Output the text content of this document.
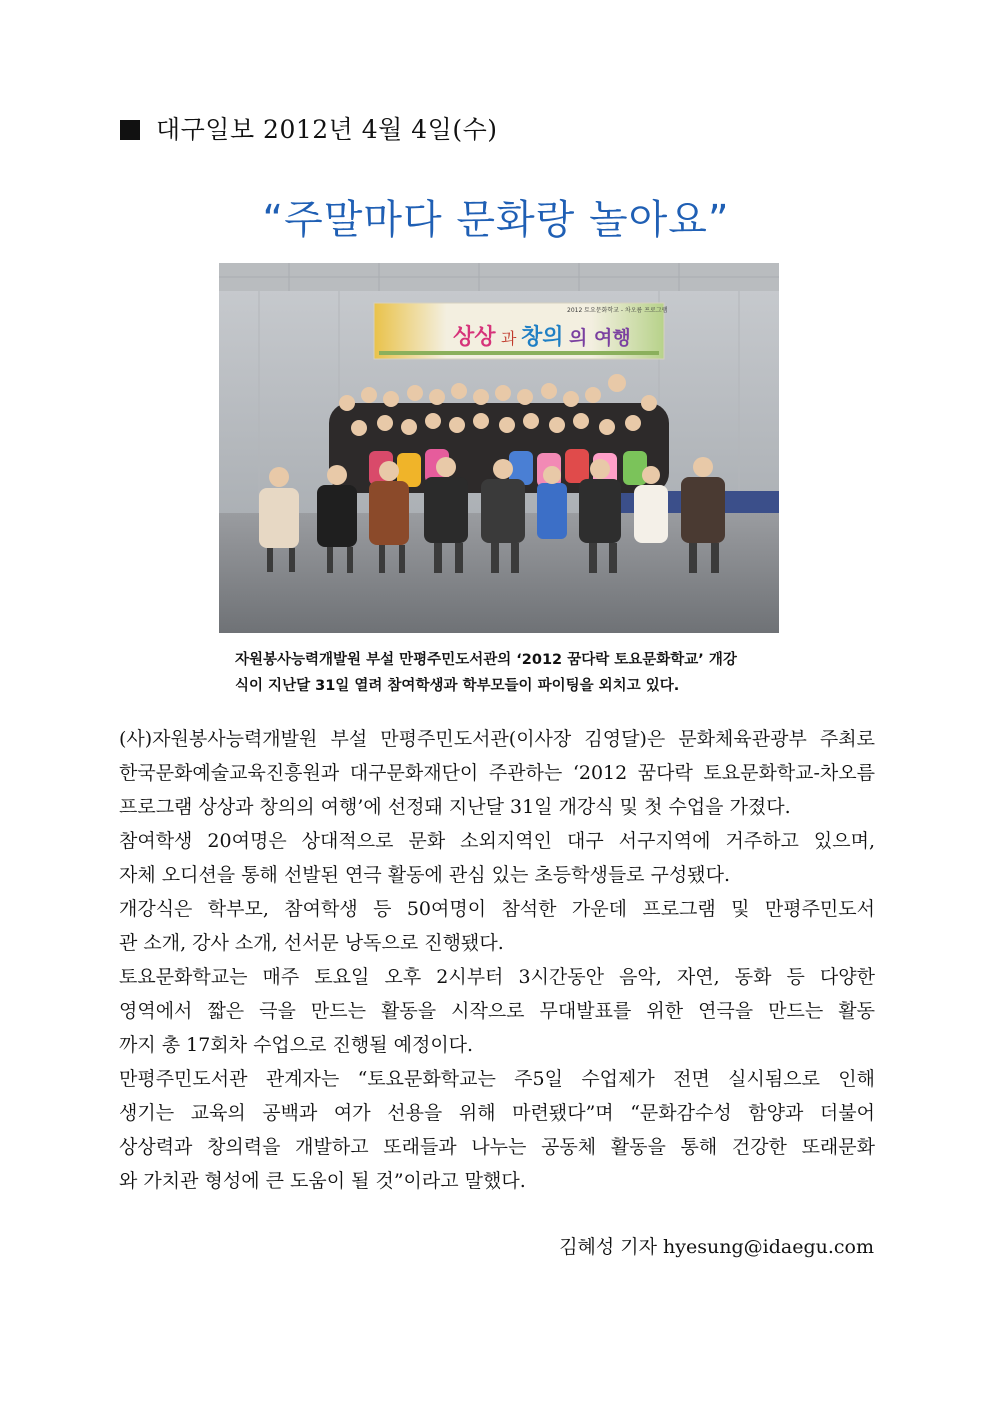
대구일보 2012년 4월 4일(수)
“주말마다 문화랑 놀아요”
2012 토요문화학교 - 차오름 프로그램
상상 과 창의 의 여행
자원봉사능력개발원 부설 만평주민도서관의 ‘2012 꿈다락 토요문화학교’ 개강
식이 지난달 31일 열려 참여학생과 학부모들이 파이팅을 외치고 있다.
(사)자원봉사능력개발원 부설 만평주민도서관(이사장 김영달)은 문화체육관광부 주최로
한국문화예술교육진흥원과 대구문화재단이 주관하는 ‘2012 꿈다락 토요문화학교-차오름
프로그램 상상과 창의의 여행’에 선정돼 지난달 31일 개강식 및 첫 수업을 가졌다.
참여학생 20여명은 상대적으로 문화 소외지역인 대구 서구지역에 거주하고 있으며,
자체 오디션을 통해 선발된 연극 활동에 관심 있는 초등학생들로 구성됐다.
개강식은 학부모, 참여학생 등 50여명이 참석한 가운데 프로그램 및 만평주민도서
관 소개, 강사 소개, 선서문 낭독으로 진행됐다.
토요문화학교는 매주 토요일 오후 2시부터 3시간동안 음악, 자연, 동화 등 다양한
영역에서 짧은 극을 만드는 활동을 시작으로 무대발표를 위한 연극을 만드는 활동
까지 총 17회차 수업으로 진행될 예정이다.
만평주민도서관 관계자는 “토요문화학교는 주5일 수업제가 전면 실시됨으로 인해
생기는 교육의 공백과 여가 선용을 위해 마련됐다”며 “문화감수성 함양과 더불어
상상력과 창의력을 개발하고 또래들과 나누는 공동체 활동을 통해 건강한 또래문화
와 가치관 형성에 큰 도움이 될 것”이라고 말했다.
김혜성 기자 hyesung@idaegu.com
